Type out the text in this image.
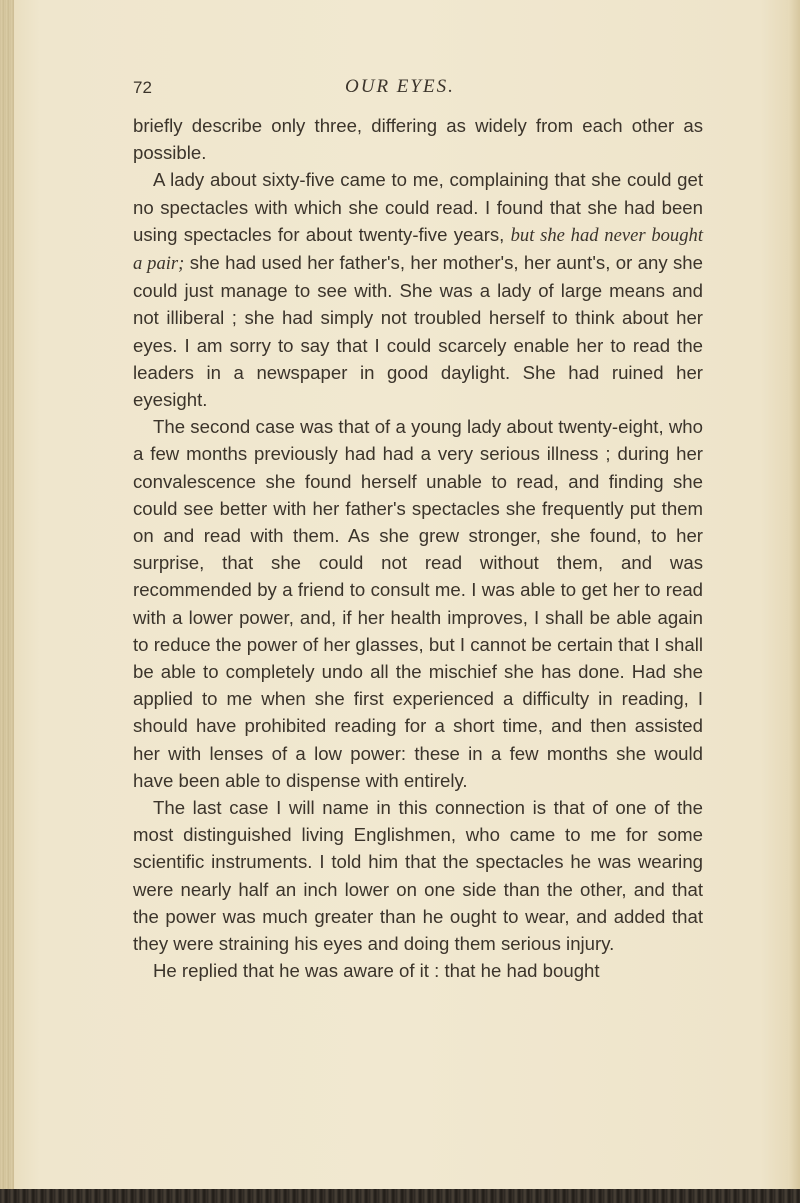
72	OUR EYES.

briefly describe only three, differing as widely from each other as possible.

A lady about sixty-five came to me, complaining that she could get no spectacles with which she could read. I found that she had been using spectacles for about twenty-five years, but she had never bought a pair; she had used her father's, her mother's, her aunt's, or any she could just manage to see with. She was a lady of large means and not illiberal ; she had simply not troubled herself to think about her eyes. I am sorry to say that I could scarcely enable her to read the leaders in a newspaper in good daylight. She had ruined her eyesight.

The second case was that of a young lady about twenty-eight, who a few months previously had had a very serious illness ; during her convalescence she found herself unable to read, and finding she could see better with her father's spectacles she frequently put them on and read with them. As she grew stronger, she found, to her surprise, that she could not read without them, and was recommended by a friend to consult me. I was able to get her to read with a lower power, and, if her health improves, I shall be able again to reduce the power of her glasses, but I cannot be certain that I shall be able to completely undo all the mischief she has done. Had she applied to me when she first experienced a difficulty in reading, I should have prohibited reading for a short time, and then assisted her with lenses of a low power: these in a few months she would have been able to dispense with entirely.

The last case I will name in this connection is that of one of the most distinguished living Englishmen, who came to me for some scientific instruments. I told him that the spectacles he was wearing were nearly half an inch lower on one side than the other, and that the power was much greater than he ought to wear, and added that they were straining his eyes and doing them serious injury.

He replied that he was aware of it : that he had bought
